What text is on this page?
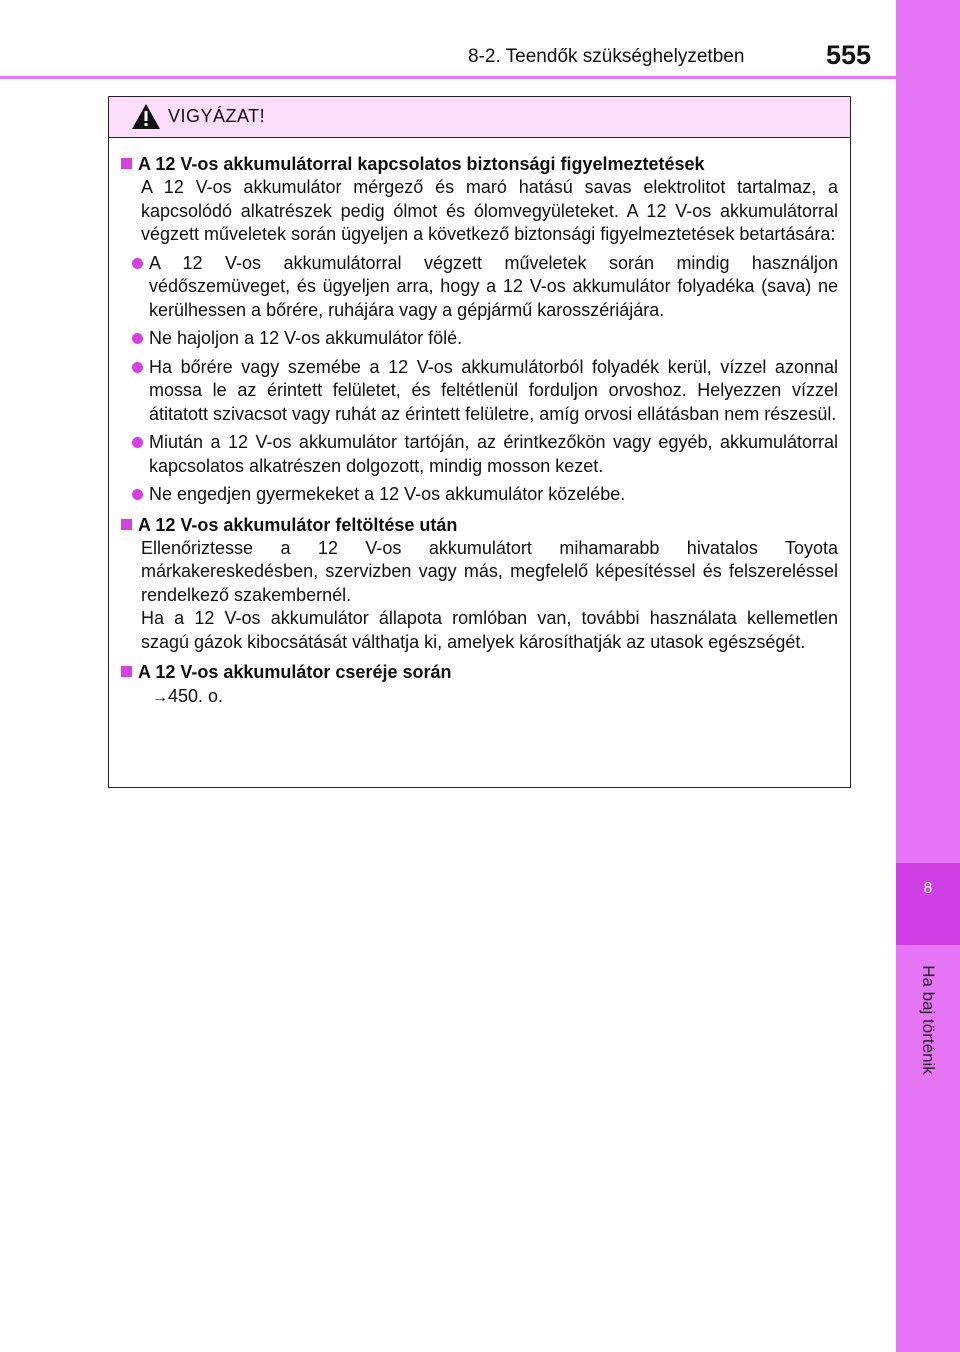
8
Ha baj történik
8-2. Teendők szükséghelyzetben	555
VIGYÁZAT!
A 12 V-os akkumulátorral kapcsolatos biztonsági figyelmeztetések
A 12 V-os akkumulátor mérgező és maró hatású savas elektrolitot tartalmaz, a kapcsolódó alkatrészek pedig ólmot és ólomvegyületeket. A 12 V-os akkumulátorral végzett műveletek során ügyeljen a következő biztonsági figyelmeztetések betartására:
A 12 V-os akkumulátorral végzett műveletek során mindig használjon védőszemüveget, és ügyeljen arra, hogy a 12 V-os akkumulátor folyadéka (sava) ne kerülhessen a bőrére, ruhájára vagy a gépjármű karosszériájára.
Ne hajoljon a 12 V-os akkumulátor fölé.
Ha bőrére vagy szemébe a 12 V-os akkumulátorból folyadék kerül, vízzel azonnal mossa le az érintett felületet, és feltétlenül forduljon orvoshoz. Helyezzen vízzel átitatott szivacsot vagy ruhát az érintett felületre, amíg orvosi ellátásban nem részesül.
Miután a 12 V-os akkumulátor tartóján, az érintkezőkön vagy egyéb, akkumulátorral kapcsolatos alkatrészen dolgozott, mindig mosson kezet.
Ne engedjen gyermekeket a 12 V-os akkumulátor közelébe.
A 12 V-os akkumulátor feltöltése után
Ellenőriztesse a 12 V-os akkumulátort mihamarabb hivatalos Toyota márkakereskedésben, szervizben vagy más, megfelelő képesítéssel és felszereléssel rendelkező szakembernél.
Ha a 12 V-os akkumulátor állapota romlóban van, további használata kellemetlen szagú gázok kibocsátását válthatja ki, amelyek károsíthatják az utasok egészségét.
A 12 V-os akkumulátor cseréje során
→450. o.
